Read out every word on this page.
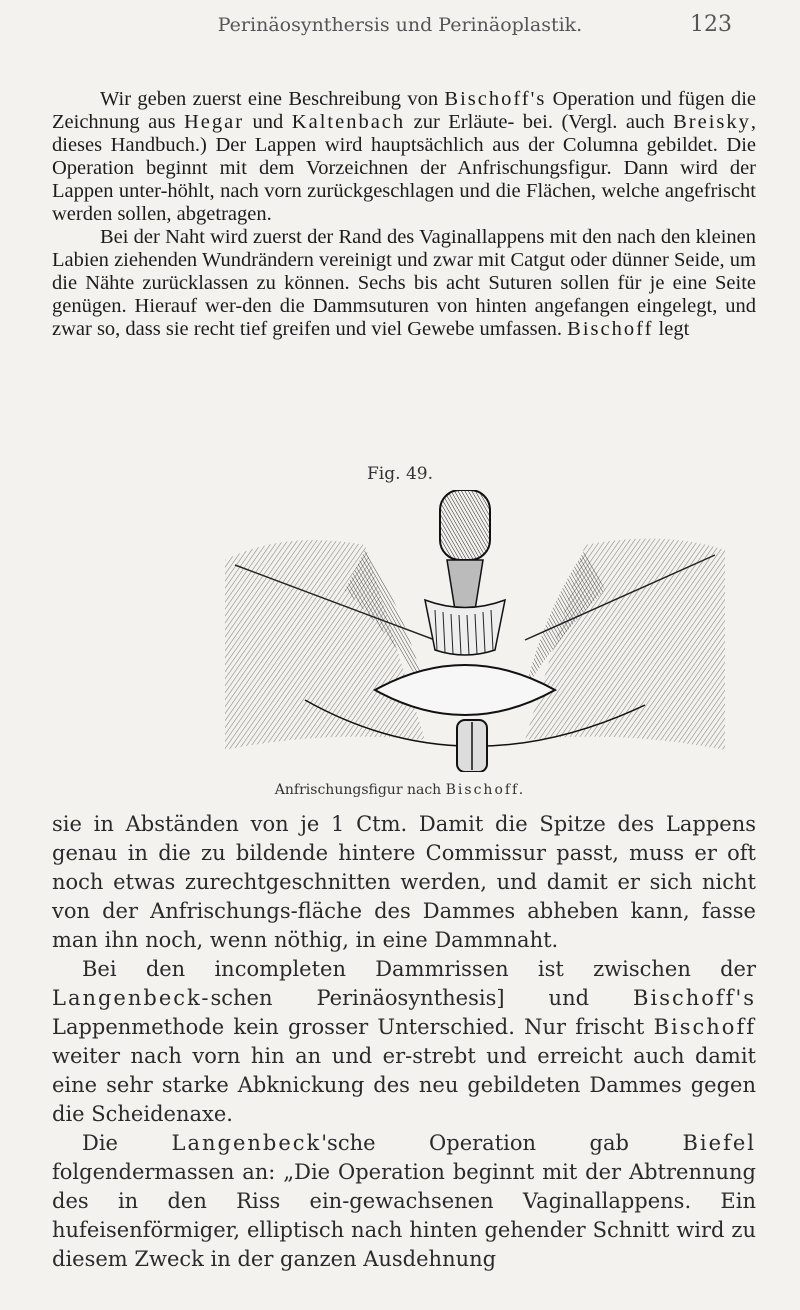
Perinäosynthersis und Perinäoplastik.	123

Wir geben zuerst eine Beschreibung von Bischoff's Operation und fügen die Zeichnung aus Hegar und Kaltenbach zur Erläute- bei. (Vergl. auch Breisky, dieses Handbuch.) Der Lappen wird hauptsächlich aus der Columna gebildet. Die Operation beginnt mit dem Vorzeichnen der Anfrischungsfigur. Dann wird der Lappen unter-höhlt, nach vorn zurückgeschlagen und die Flächen, welche angefrischt werden sollen, abgetragen.

Bei der Naht wird zuerst der Rand des Vaginallappens mit den nach den kleinen Labien ziehenden Wundrändern vereinigt und zwar mit Catgut oder dünner Seide, um die Nähte zurücklassen zu können. Sechs bis acht Suturen sollen für je eine Seite genügen. Hierauf wer-den die Dammsuturen von hinten angefangen eingelegt, und zwar so, dass sie recht tief greifen und viel Gewebe umfassen. Bischoff legt

Fig. 49.
Anfrischungsfigur nach Bischoff.

sie in Abständen von je 1 Ctm. Damit die Spitze des Lappens genau in die zu bildende hintere Commissur passt, muss er oft noch etwas zurechtgeschnitten werden, und damit er sich nicht von der Anfrischungs-fläche des Dammes abheben kann, fasse man ihn noch, wenn nöthig, in eine Dammnaht.

Bei den incompleten Dammrissen ist zwischen der Langenbeck-schen Perinäosynthesis] und Bischoff's Lappenmethode kein grosser Unterschied. Nur frischt Bischoff weiter nach vorn hin an und er-strebt und erreicht auch damit eine sehr starke Abknickung des neu gebildeten Dammes gegen die Scheidenaxe.

Die Langenbeck'sche Operation gab Biefel folgendermassen an: „Die Operation beginnt mit der Abtrennung des in den Riss ein-gewachsenen Vaginallappens. Ein hufeisenförmiger, elliptisch nach hinten gehender Schnitt wird zu diesem Zweck in der ganzen Ausdehnung
